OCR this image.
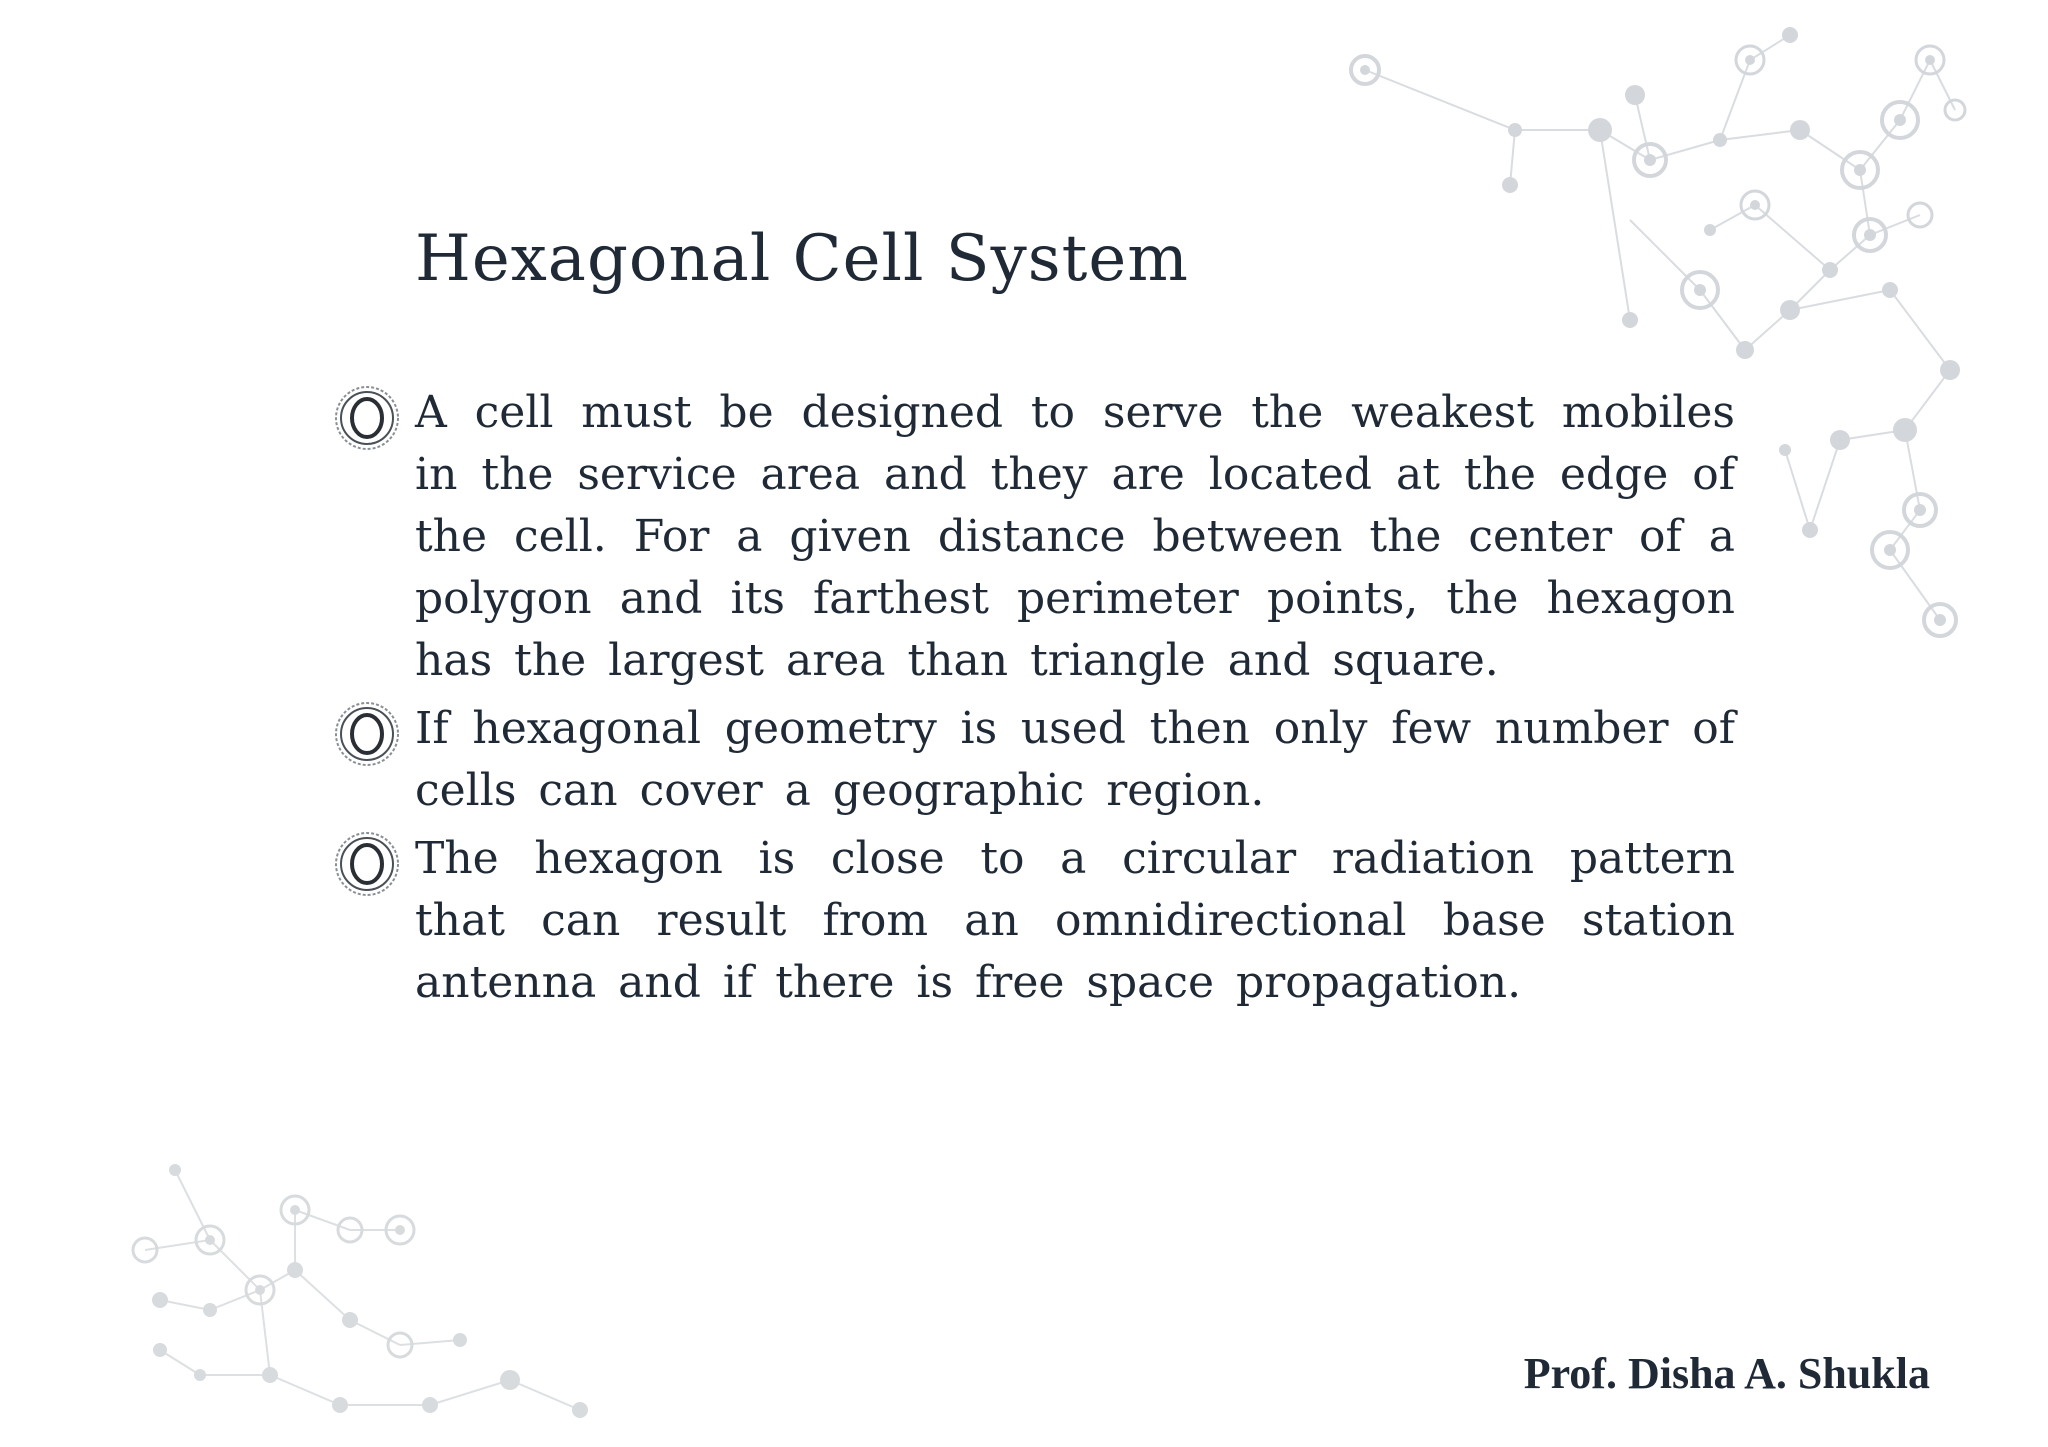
Hexagonal Cell System

A cell must be designed to serve the weakest mobiles in the service area and they are located at the edge of the cell. For a given distance between the center of a polygon and its farthest perimeter points, the hexagon has the largest area than triangle and square.

If hexagonal geometry is used then only few number of cells can cover a geographic region.

The hexagon is close to a circular radiation pattern that can result from an omnidirectional base station antenna and if there is free space propagation.

Prof. Disha A. Shukla
